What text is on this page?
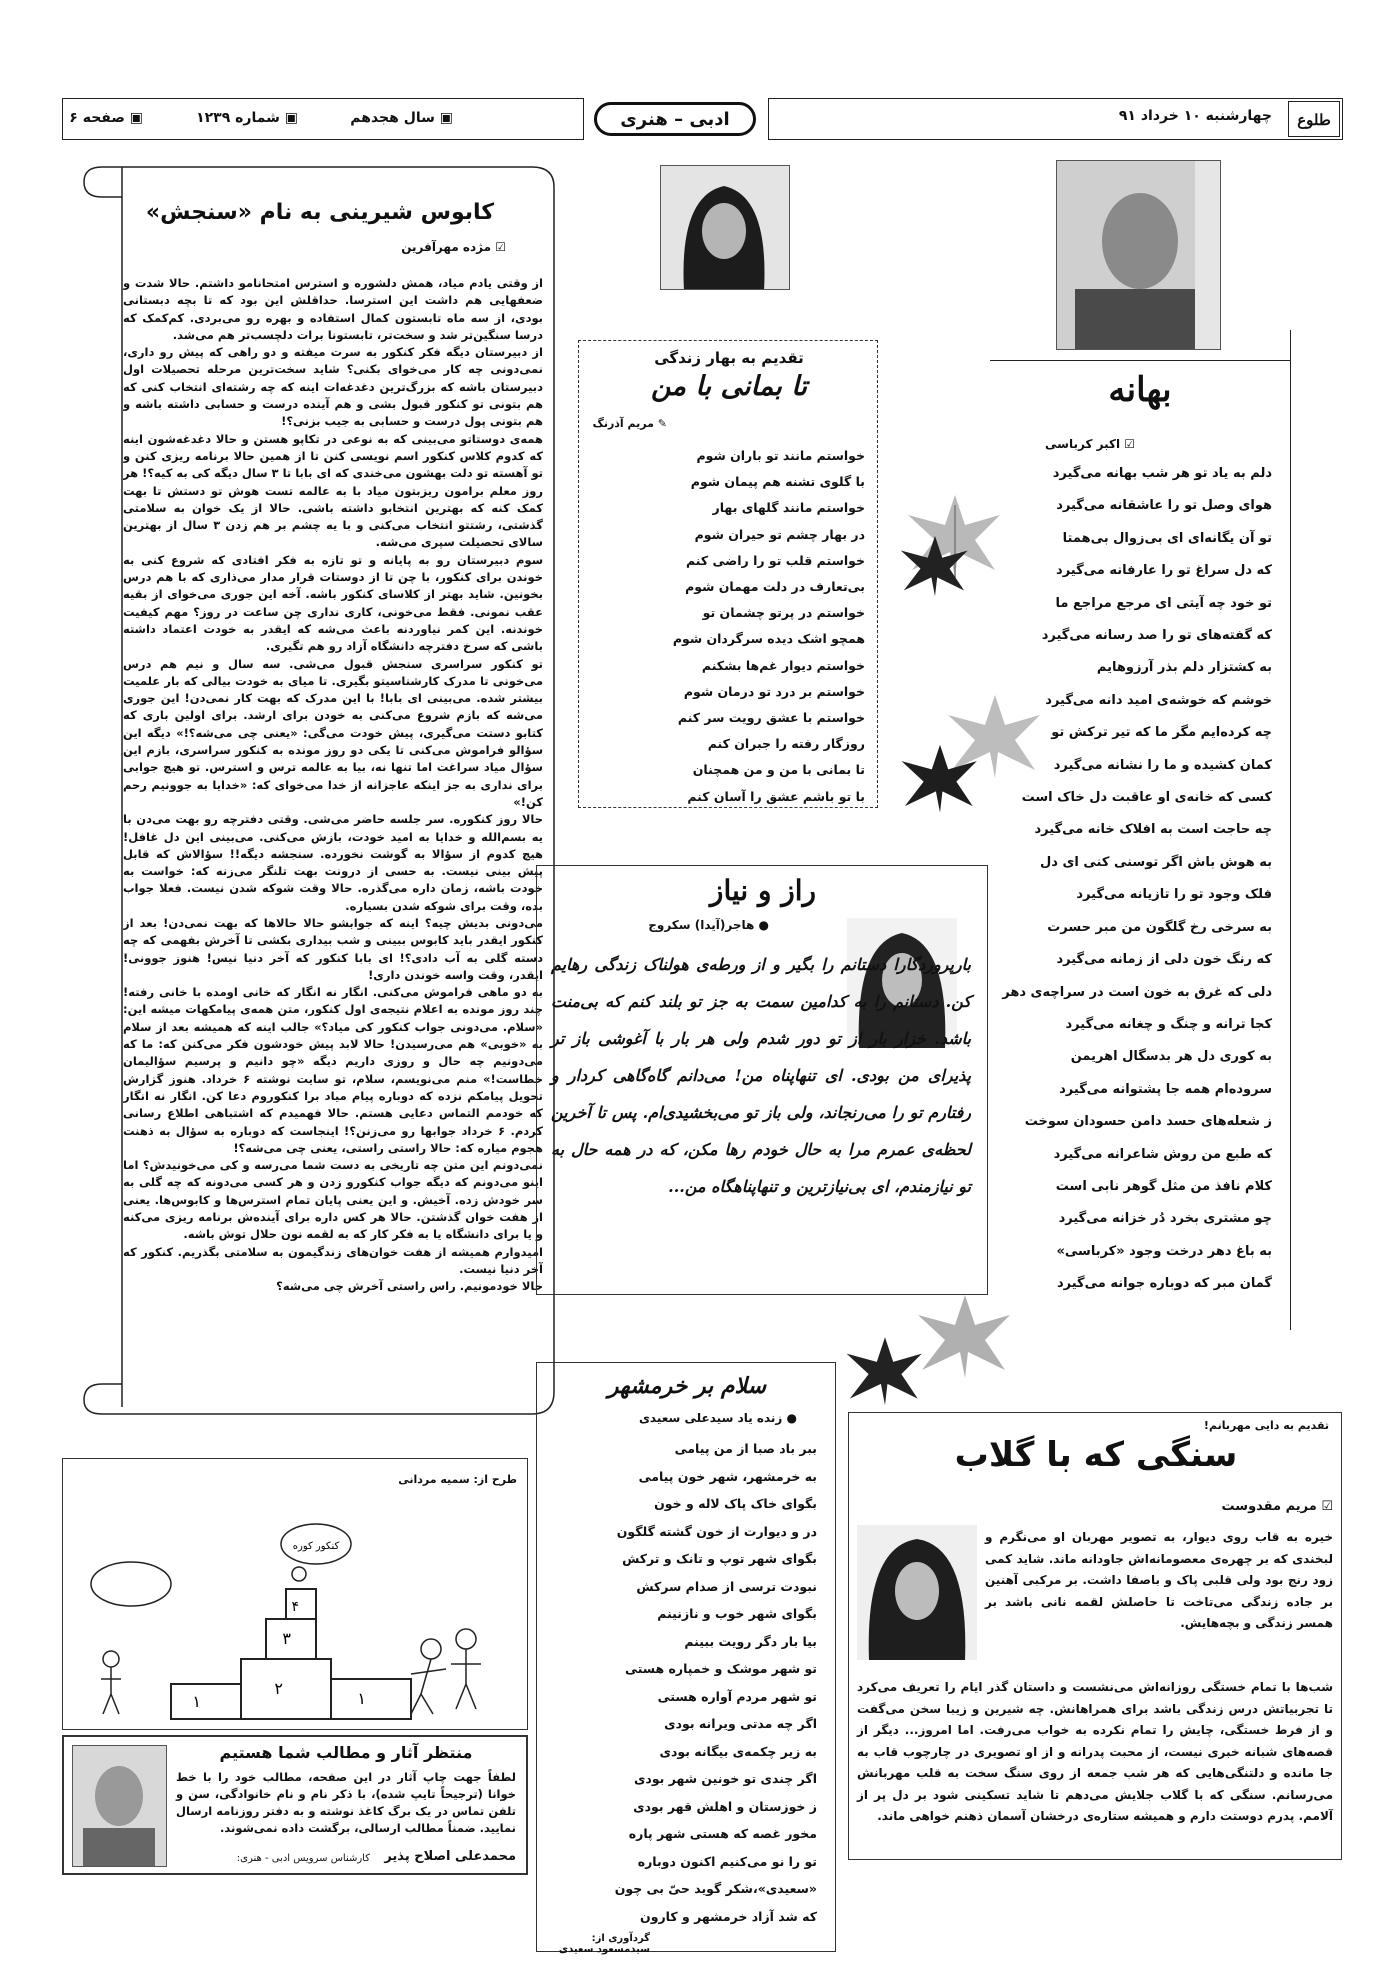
طلوع
چهارشنبه ۱۰ خرداد ۹۱
ادبی – هنری
▣ سال هجدهم
▣ شماره ۱۲۳۹
▣ صفحه ۶
بهانه
☑ اکبر کرباسی
دلم به یاد تو هر شب بهانه می‌گیرد
هوای وصل تو را عاشقانه می‌گیرد
تو آن یگانه‌ای ای بی‌زوال بی‌همتا
که دل سراغ تو را عارفانه می‌گیرد
تو خود چه آیتی ای مرجع مراجع ما
که گفته‌های تو را صد رسانه می‌گیرد
به کشتزار دلم بذر آرزوهایم
خوشم که خوشه‌ی امید دانه می‌گیرد
چه کرده‌ایم مگر ما که تیر ترکش تو
کمان کشیده و ما را نشانه می‌گیرد
کسی که خانه‌ی او عاقبت دل خاک است
چه حاجت است به افلاک خانه می‌گیرد
به هوش باش اگر توسنی کنی ای دل
فلک وجود تو را تازیانه می‌گیرد
به سرخی رخ گلگون من مبر حسرت
که رنگ خون دلی از زمانه می‌گیرد
دلی که غرق به خون است در سراچه‌ی دهر
کجا ترانه و چنگ و چغانه می‌گیرد
به کوری دل هر بدسگال اهریمن
سروده‌ام همه جا پشتوانه می‌گیرد
ز شعله‌های حسد دامن حسودان سوخت
که طبع من روش شاعرانه می‌گیرد
کلام نافذ من مثل گوهر نابی است
چو مشتری بخرد دُر خزانه می‌گیرد
به باغ دهر درخت وجود «کرباسی»
گمان مبر که دوباره جوانه می‌گیرد
تقدیم به بهار زندگی
تا بمانی با من
✎ مریم آذرنگ
خواستم مانند تو باران شوم
با گلوی تشنه هم پیمان شوم
خواستم مانند گلهای بهار
در بهار چشم تو حیران شوم
خواستم قلب تو را راضی کنم
بی‌تعارف در دلت مهمان شوم
خواستم در پرتو چشمان تو
همچو اشک دیده سرگردان شوم
خواستم دیوار غم‌ها بشکنم
خواستم بر درد تو درمان شوم
خواستم با عشق رویت سر کنم
روزگار رفته را جبران کنم
تا بمانی با من و من همچنان
با تو باشم عشق را آسان کنم
کابوس شیرینی به نام «سنجش»
☑ مژده مهرآفرین

از وقتی یادم میاد، همش دلشوره و استرس امتحانامو داشتم. حالا شدت و ضعفهایی هم داشت این استرسا. حداقلش این بود که تا بچه دبستانی بودی، از سه ماه تابستون کمال استفاده و بهره رو می‌بردی. کم‌کمک که درسا سنگین‌تر شد و سخت‌تر، تابستونا برات دلچسب‌تر هم می‌شد.

از دبیرستان دیگه فکر کنکور به سرت میفته و دو راهی که پیش رو داری، نمی‌دونی چه کار می‌خوای بکنی؟ شاید سخت‌ترین مرحله تحصیلات اول دبیرستان باشه که بزرگ‌ترین دغدغه‌ات اینه که چه رشته‌ای انتخاب کنی که هم بتونی تو کنکور قبول بشی و هم آینده درست و حسابی داشته باشه و هم بتونی پول درست و حسابی به جیب بزنی؟!

همه‌ی دوستاتو می‌بینی که به نوعی در تکاپو هستن و حالا دغدغه‌شون اینه که کدوم کلاس کنکور اسم نویسی کنن تا از همین حالا برنامه ریزی کنن و تو آهسته تو دلت بهشون می‌خندی که ای بابا تا ۳ سال دیگه کی به کیه؟! هر روز معلم برامون ریزبتون میاد با به عالمه تست هوش تو دستش تا بهت کمک کنه که بهترین انتخابو داشته باشی. حالا از یک خوان به سلامتی گذشتی، رشتتو انتخاب می‌کنی و با یه چشم بر هم زدن ۳ سال از بهترین سالای تحصیلت سپری می‌شه.

سوم دبیرستان رو به پایانه و تو تازه به فکر افتادی که شروع کنی به خوندن برای کنکور، با چن تا از دوستات قرار مدار می‌ذاری که با هم درس بخونین. شاید بهتر از کلاسای کنکور باشه. آخه این جوری می‌خوای از بقیه عقب نمونی. فقط می‌خونی، کاری نداری چن ساعت در روز؟ مهم کیفیت خوندنه. این کمر نیاوردنه باعث می‌شه که ایقدر به خودت اعتماد داشته باشی که سرخ دفترچه دانشگاه آزاد رو هم تگیری.

تو کنکور سراسری سنجش قبول می‌شی. سه سال و نیم هم درس می‌خونی تا مدرک کارشناسیتو بگیری. تا میای به خودت بیالی که بار علمیت بیشتر شده. می‌بینی ای بابا! با این مدرک که بهت کار نمی‌دن! این جوری می‌شه که بازم شروع می‌کنی به خودن برای ارشد. برای اولین باری که کتابو دستت می‌گیری، پیش خودت می‌گی: «یعنی چی می‌شه؟!» دیگه این سؤالو فراموش می‌کنی تا یکی دو روز مونده به کنکور سراسری، بازم این سؤال میاد سراغت اما تنها نه، بیا به عالمه ترس و استرس. تو هیچ جوابی برای نداری به جز اینکه عاجزانه از خدا می‌خوای که: «خدایا به جوونیم رحم کن!»

حالا روز کنکوره. سر جلسه حاضر می‌شی. وقتی دفترچه رو بهت می‌دن با یه بسم‌الله و خدایا به امید خودت، بازش می‌کنی. می‌بینی این دل غافل! هیچ کدوم از سؤالا به گوشت نخورده. سنجشه دیگه!! سؤالاش که قابل پیش بینی نیست. به حسی از درونت بهت تلنگر می‌زنه که: خواست به خودت باشه، زمان داره می‌گذره. حالا وقت شوکه شدن نیست. فعلا جواب بده، وقت برای شوکه شدن بسیاره.

می‌دونی بدیش چیه؟ اینه که جوابشو حالا حالاها که بهت نمی‌دن! بعد از کنکور ایقدر باید کابوس ببینی و شب بیداری بکشی تا آخرش بفهمی که چه دسته گلی به آب دادی؟! ای بابا کنکور که آخر دنیا نیس! هنوز جوونی! ایقدر، وقت واسه خوندن داری!

به دو ماهی فراموش می‌کنی. انگار نه انگار که خانی اومده با خانی رفته! چند روز مونده به اعلام نتیجه‌ی اول کنکور، متن همه‌ی پیامکهات میشه این: «سلام. می‌دونی جواب کنکور کی میاد؟» جالب اینه که همیشه بعد از سلام به «خوبی» هم می‌رسیدن! حالا لابد پیش خودشون فکر می‌کنن که: ما که می‌دونیم چه حال و روزی داریم دیگه «چو دانیم و پرسیم سؤالیمان خطاست!» منم می‌نویسم، سلام، تو سایت نوشته ۶ خرداد. هنوز گزارش تحویل پیامکم نزده که دوباره پیام میاد برا کنکوروم دعا کن. انگار نه انگار که خودمم التماس دعایی هستم. حالا فهمیدم که اشتباهی اطلاع رسانی کردم. ۶ خرداد جوابها رو می‌زنن؟! اینجاست که دوباره به سؤال به ذهنت هجوم میاره که: حالا راستی راستی، یعنی چی می‌شه؟!

نمی‌دونم این متن چه تاریخی به دست شما می‌رسه و کی می‌خونیدش؟ اما اینو می‌دونم که دیگه جواب کنکورو زدن و هر کسی می‌دونه که چه گلی به سر خودش زده. آخیش. و این یعنی پایان تمام استرس‌ها و کابوس‌ها. یعنی از هفت خوان گذشتن. حالا هر کس داره برای آینده‌ش برنامه ریزی می‌کنه و یا برای دانشگاه یا به فکر کار که به لقمه نون حلال توش باشه.

امیدوارم همیشه از هفت خوان‌های زندگیمون به سلامتی بگذریم. کنکور که آخر دنیا نیست.

حالا خودمونیم. راس راستی آخرش چی می‌شه؟

راز و نیاز
● هاجر(آیدا) سکروج
بارپروردگارا دستانم را بگیر و از ورطه‌ی هولناک زندگی رهایم کن. دستانم را به کدامین سمت به جز تو بلند کنم که بی‌منت باشد. خزار بار از تو دور شدم ولی هر بار با آغوشی باز تر پذیرای من بودی. ای تنهاپناه من! می‌دانم گاه‌گاهی کردار و رفتارم تو را می‌رنجاند، ولی باز تو می‌بخشیدی‌ام. پس تا آخرین لحظه‌ی عمرم مرا به حال خودم رها مکن، که در همه حال به تو نیازمندم، ای بی‌نیازترین و تنهاپناهگاه من...
سلام بر خرمشهر
● زنده یاد سیدعلی سعیدی
ببر باد صبا از من پیامی
به خرمشهر، شهر خون پیامی
بگوای خاک پاک لاله و خون
در و دیوارت از خون گشته گلگون
بگوای شهر توپ و تانک و ترکش
نبودت ترسی از صدام سرکش
بگوای شهر خوب و نازنینم
بیا بار دگر رویت ببینم
تو شهر موشک و خمپاره هستی
تو شهر مردم آواره هستی
اگر چه مدتی ویرانه بودی
به زیر چکمه‌ی بیگانه بودی
اگر چندی تو خونین شهر بودی
ز خوزستان و اهلش قهر بودی
مخور غصه که هستی شهر پاره
تو را نو می‌کنیم اکنون دوباره
«سعیدی»،شکر گوید حیّ بی چون
که شد آزاد خرمشهر و کارون
گردآوری از: سیدمسعود سعیدی
تقدیم به دایی مهربانم!
سنگی که با گلاب
☑ مریم مقدوست
خیره به قاب روی دیوار، به تصویر مهربان او می‌نگرم و لبخندی که بر چهره‌ی معصومانه‌اش جاودانه ماند. شاید کمی زود رنج بود ولی قلبی پاک و باصفا داشت. بر مرکبی آهنین بر جاده زندگی می‌تاخت تا حاصلش لقمه نانی باشد بر همسر زندگی و بچه‌هایش.
شب‌ها با تمام خستگی روزانه‌اش می‌نشست و داستان گذر ایام را تعریف می‌کرد تا تجربیاتش درس زندگی باشد برای همراهانش. چه شیرین و زیبا سخن می‌گفت و از فرط خستگی، چایش را تمام نکرده به خواب می‌رفت. اما امروز... دیگر از قصه‌های شبانه خبری نیست، از محبت پدرانه و از او تصویری در چارچوب قاب به جا مانده و دلتنگی‌هایی که هر شب جمعه از روی سنگ سخت به قلب مهربانش می‌رسانم. سنگی که با گلاب جلایش می‌دهم تا شاید تسکینی شود بر دل پر از آلامم. پدرم دوستت دارم و همیشه ستاره‌ی درخشان آسمان ذهنم خواهی ماند.
طرح از: سمیه مردانی
۲
۳
۴
۱	۱
کنکور کوره
منتظر آثار و مطالب شما هستیم
لطفاً جهت چاپ آثار در این صفحه، مطالب خود را با خط خوانا (ترجیحاً تایپ شده)، با ذکر نام و نام خانوادگی، سن و تلفن تماس در یک برگ کاغذ نوشته و به دفتر روزنامه ارسال نمایید. ضمناً مطالب ارسالی، برگشت داده نمی‌شوند.
کارشناس سرویس ادبی - هنری: محمدعلی اصلاح پذیر
